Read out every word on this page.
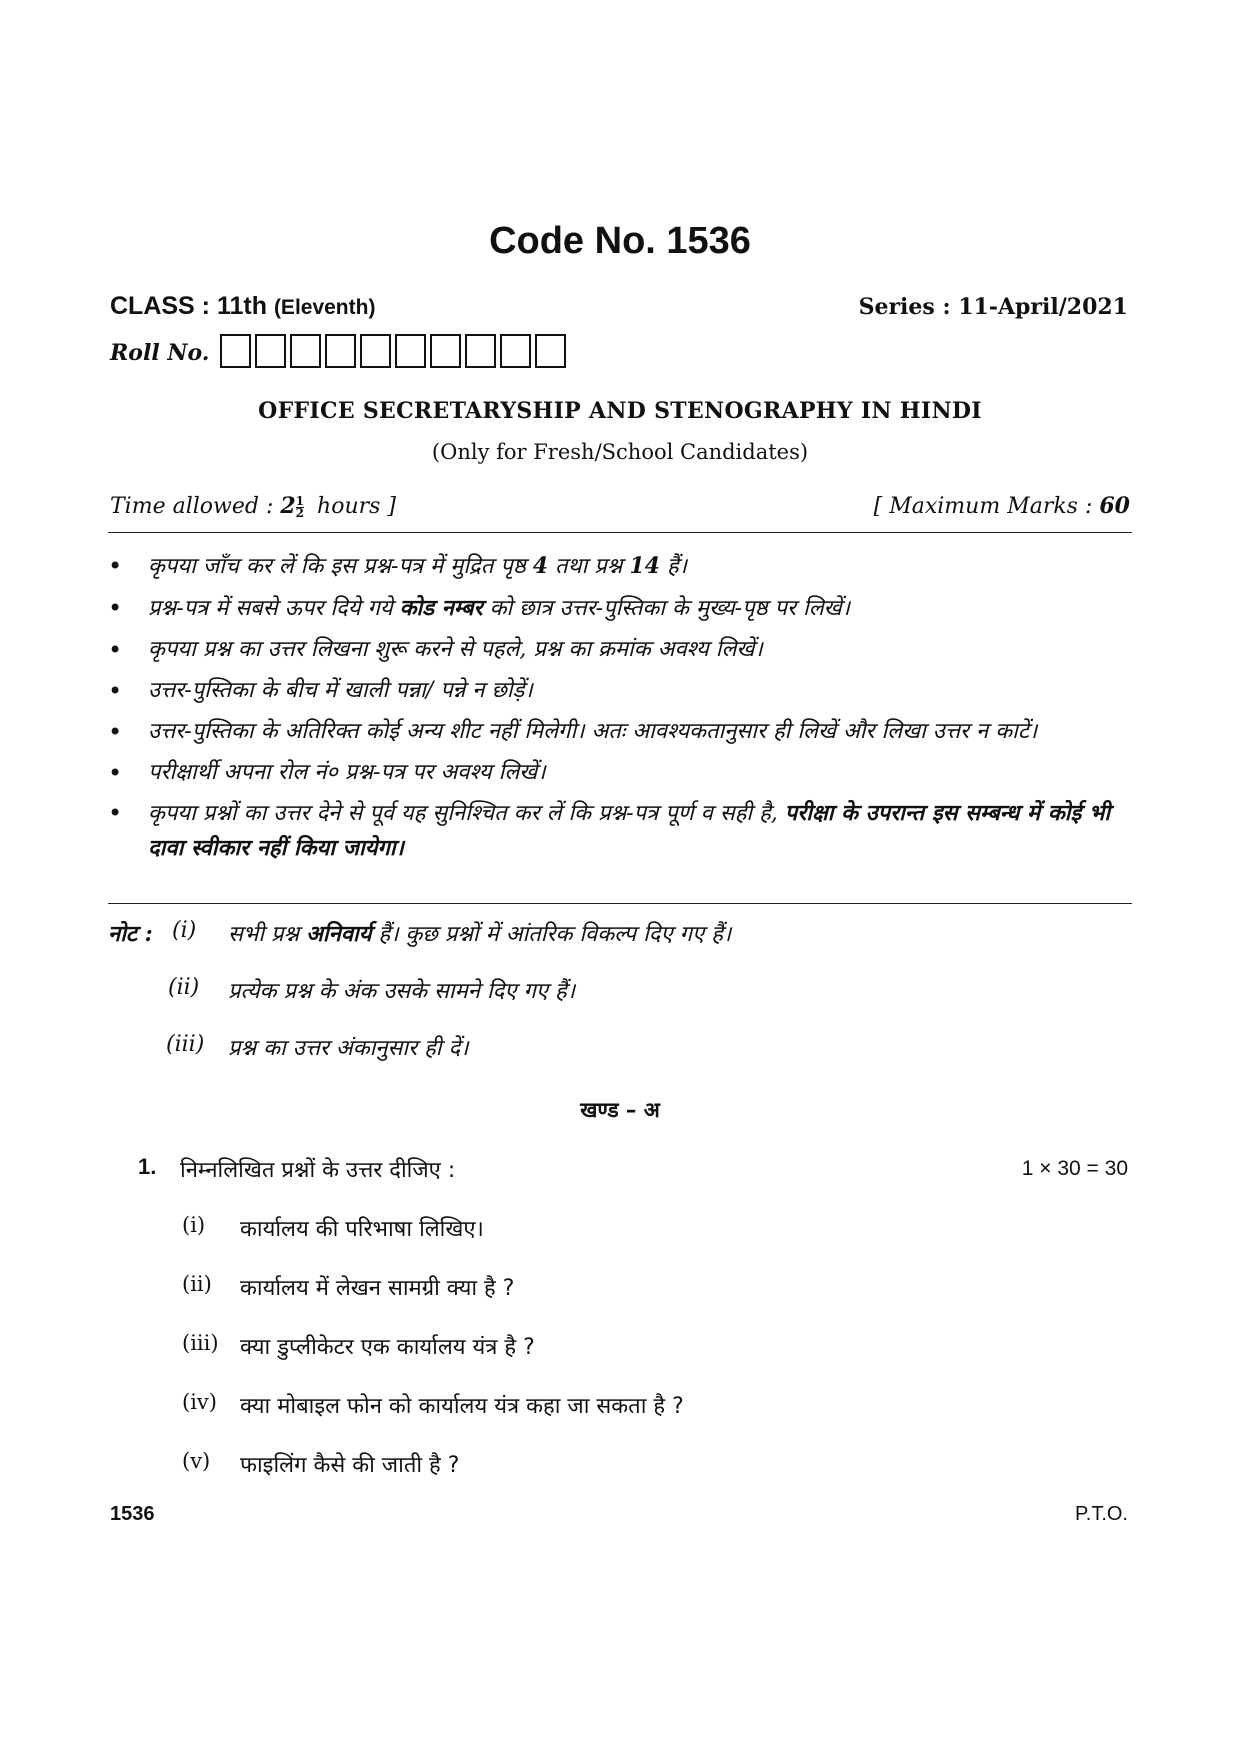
Code No. 1536
CLASS : 11th (Eleventh)	Series : 11-April/2021
Roll No.
OFFICE SECRETARYSHIP AND STENOGRAPHY IN HINDI
(Only for Fresh/School Candidates)
Time allowed : $2 \frac{1}{2}$ hours ]	[ Maximum Marks : 60
• कृपया जाँच कर लें कि इस प्रश्न-पत्र में मुद्रित पृष्ठ 4 तथा प्रश्न 14 हैं।
• प्रश्न-पत्र में सबसे ऊपर दिये गये कोड नम्बर को छात्र उत्तर-पुस्तिका के मुख्य-पृष्ठ पर लिखें।
• कृपया प्रश्न का उत्तर लिखना शुरू करने से पहले, प्रश्न का क्रमांक अवश्य लिखें।
• उत्तर-पुस्तिका के बीच में खाली पन्ना/ पन्ने न छोड़ें।
• उत्तर-पुस्तिका के अतिरिक्त कोई अन्य शीट नहीं मिलेगी। अतः आवश्यकतानुसार ही लिखें और लिखा उत्तर न काटें।
• परीक्षार्थी अपना रोल नं० प्रश्न-पत्र पर अवश्य लिखें।
• कृपया प्रश्नों का उत्तर देने से पूर्व यह सुनिश्चित कर लें कि प्रश्न-पत्र पूर्ण व सही है, परीक्षा के उपरान्त इस सम्बन्ध में कोई भी दावा स्वीकार नहीं किया जायेगा।
नोट : (i) सभी प्रश्न अनिवार्य हैं। कुछ प्रश्नों में आंतरिक विकल्प दिए गए हैं।
(ii) प्रत्येक प्रश्न के अंक उसके सामने दिए गए हैं।
(iii) प्रश्न का उत्तर अंकानुसार ही दें।
खण्ड – अ
1. निम्नलिखित प्रश्नों के उत्तर दीजिए :	1 × 30 = 30
(i) कार्यालय की परिभाषा लिखिए।
(ii) कार्यालय में लेखन सामग्री क्या है ?
(iii) क्या डुप्लीकेटर एक कार्यालय यंत्र है ?
(iv) क्या मोबाइल फोन को कार्यालय यंत्र कहा जा सकता है ?
(v) फाइलिंग कैसे की जाती है ?
1536	P.T.O.
